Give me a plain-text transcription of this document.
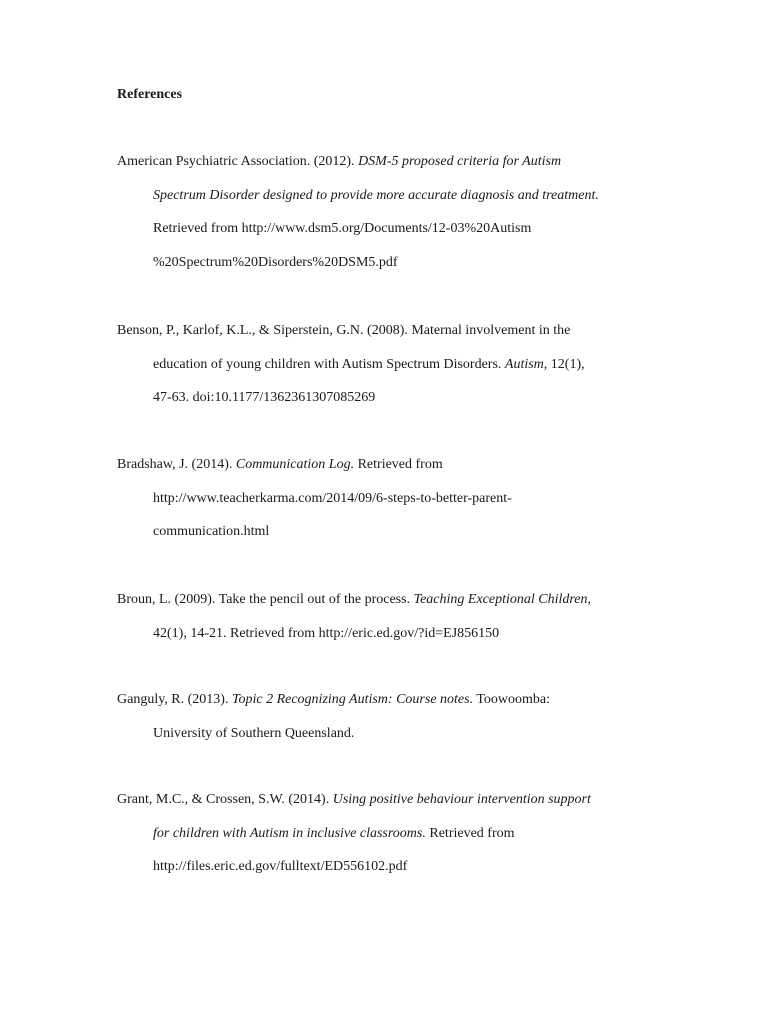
References
American Psychiatric Association. (2012). DSM-5 proposed criteria for Autism
Spectrum Disorder designed to provide more accurate diagnosis and treatment.
Retrieved from http://www.dsm5.org/Documents/12-03%20Autism
%20Spectrum%20Disorders%20DSM5.pdf
Benson, P., Karlof, K.L., & Siperstein, G.N. (2008). Maternal involvement in the
education of young children with Autism Spectrum Disorders. Autism, 12(1),
47-63. doi:10.1177/1362361307085269
Bradshaw, J. (2014). Communication Log. Retrieved from
http://www.teacherkarma.com/2014/09/6-steps-to-better-parent-
communication.html
Broun, L. (2009). Take the pencil out of the process. Teaching Exceptional Children,
42(1), 14-21. Retrieved from http://eric.ed.gov/?id=EJ856150
Ganguly, R. (2013). Topic 2 Recognizing Autism: Course notes. Toowoomba:
University of Southern Queensland.
Grant, M.C., & Crossen, S.W. (2014). Using positive behaviour intervention support
for children with Autism in inclusive classrooms. Retrieved from
http://files.eric.ed.gov/fulltext/ED556102.pdf
